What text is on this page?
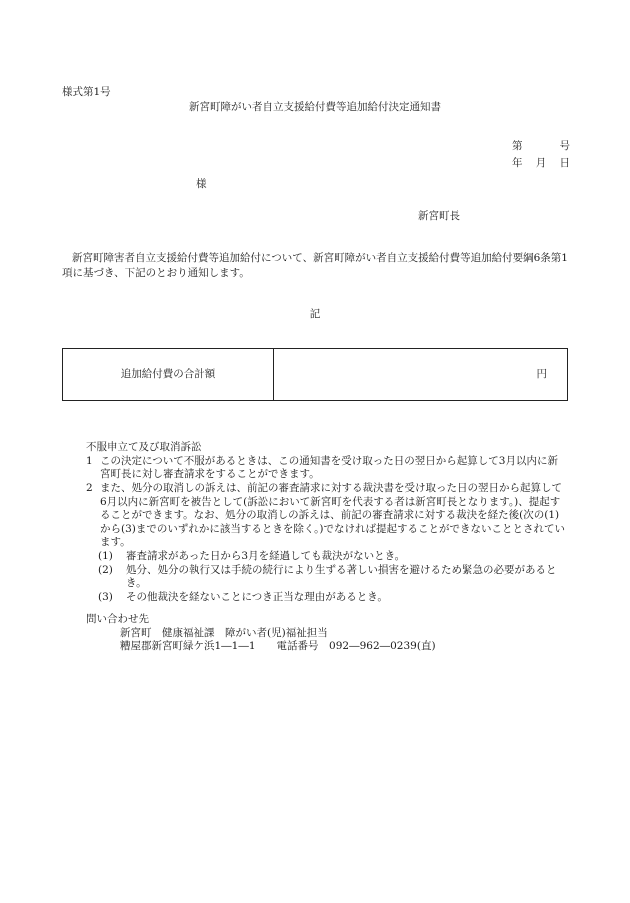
様式第1号
新宮町障がい者自立支援給付費等追加給付決定通知書
第	号
年 月 日
様
新宮町長
新宮町障害者自立支援給付費等追加給付について、新宮町障がい者自立支援給付費等追加給付要綱6条第1項に基づき、下記のとおり通知します。
記
追加給付費の合計額	円
不服申立て及び取消訴訟
1 この決定について不服があるときは、この通知書を受け取った日の翌日から起算して3月以内に新宮町長に対し審査請求をすることができます。
2 また、処分の取消しの訴えは、前記の審査請求に対する裁決書を受け取った日の翌日から起算して6月以内に新宮町を被告として(訴訟において新宮町を代表する者は新宮町長となります。)、提起することができます。なお、処分の取消しの訴えは、前記の審査請求に対する裁決を経た後(次の(1)から(3)までのいずれかに該当するときを除く。)でなければ提起することができないこととされています。
(1)	審査請求があった日から3月を経過しても裁決がないとき。
(2)	処分、処分の執行又は手続の続行により生ずる著しい損害を避けるため緊急の必要があるとき。
(3)	その他裁決を経ないことにつき正当な理由があるとき。
問い合わせ先
新宮町　健康福祉課　障がい者(児)福祉担当
糟屋郡新宮町緑ケ浜1―1―1　　電話番号　092―962―0239(直)
